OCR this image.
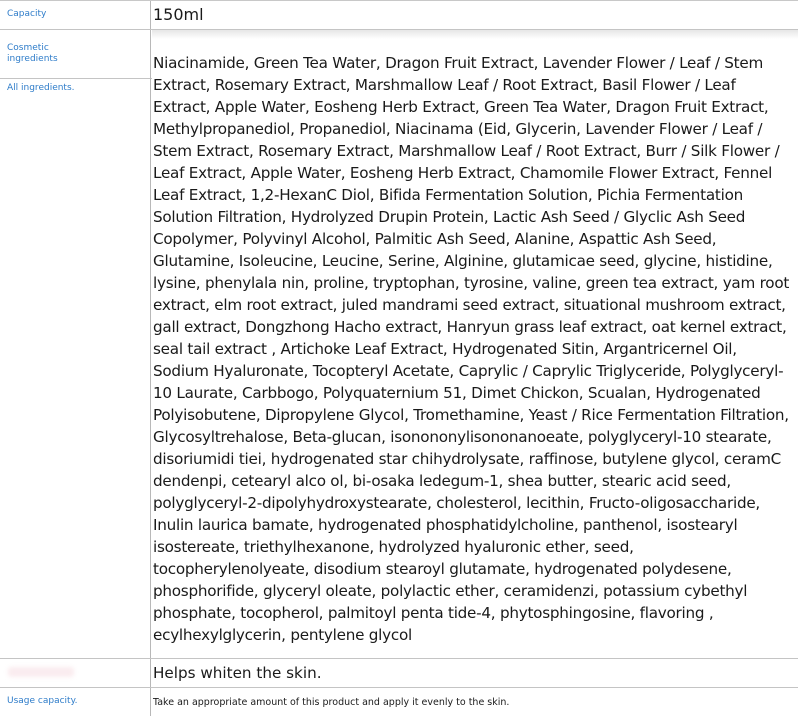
Capacity	150ml
Cosmetic ingredients
All ingredients.
Niacinamide, Green Tea Water, Dragon Fruit Extract, Lavender Flower / Leaf / Stem Extract, Rosemary Extract, Marshmallow Leaf / Root Extract, Basil Flower / Leaf Extract, Apple Water, Eosheng Herb Extract, Green Tea Water, Dragon Fruit Extract, Methylpropanediol, Propanediol, Niacinama (Eid, Glycerin, Lavender Flower / Leaf / Stem Extract, Rosemary Extract, Marshmallow Leaf / Root Extract, Burr / Silk Flower / Leaf Extract, Apple Water, Eosheng Herb Extract, Chamomile Flower Extract, Fennel Leaf Extract, 1,2-HexanC Diol, Bifida Fermentation Solution, Pichia Fermentation Solution Filtration, Hydrolyzed Drupin Protein, Lactic Ash Seed / Glyclic Ash Seed Copolymer, Polyvinyl Alcohol, Palmitic Ash Seed, Alanine, Aspattic Ash Seed, Glutamine, Isoleucine, Leucine, Serine, Alginine, glutamicae seed, glycine, histidine, lysine, phenylala nin, proline, tryptophan, tyrosine, valine, green tea extract, yam root extract, elm root extract, juled mandrami seed extract, situational mushroom extract, gall extract, Dongzhong Hacho extract, Hanryun grass leaf extract, oat kernel extract, seal tail extract , Artichoke Leaf Extract, Hydrogenated Sitin, Argantricernel Oil, Sodium Hyaluronate, Tocopteryl Acetate, Caprylic / Caprylic Triglyceride, Polyglyceryl-10 Laurate, Carbbogo, Polyquaternium 51, Dimet Chickon, Scualan, Hydrogenated Polyisobutene, Dipropylene Glycol, Tromethamine, Yeast / Rice Fermentation Filtration, Glycosyltrehalose, Beta-glucan, isonononylisononanoeate, polyglyceryl-10 stearate, disoriumidi tiei, hydrogenated star chihydrolysate, raffinose, butylene glycol, ceramC dendenpi, cetearyl alco ol, bi-osaka ledegum-1, shea butter, stearic acid seed, polyglyceryl-2-dipolyhydroxystearate, cholesterol, lecithin, Fructo-oligosaccharide, Inulin laurica bamate, hydrogenated phosphatidylcholine, panthenol, isostearyl isostereate, triethylhexanone, hydrolyzed hyaluronic ether, seed, tocopherylenolyeate, disodium stearoyl glutamate, hydrogenated polydesene, phosphorifide, glyceryl oleate, polylactic ether, ceramidenzi, potassium cybethyl phosphate, tocopherol, palmitoyl penta tide-4, phytosphingosine, flavoring , ecylhexylglycerin, pentylene glycol
Helps whiten the skin.
Usage capacity.	Take an appropriate amount of this product and apply it evenly to the skin.
